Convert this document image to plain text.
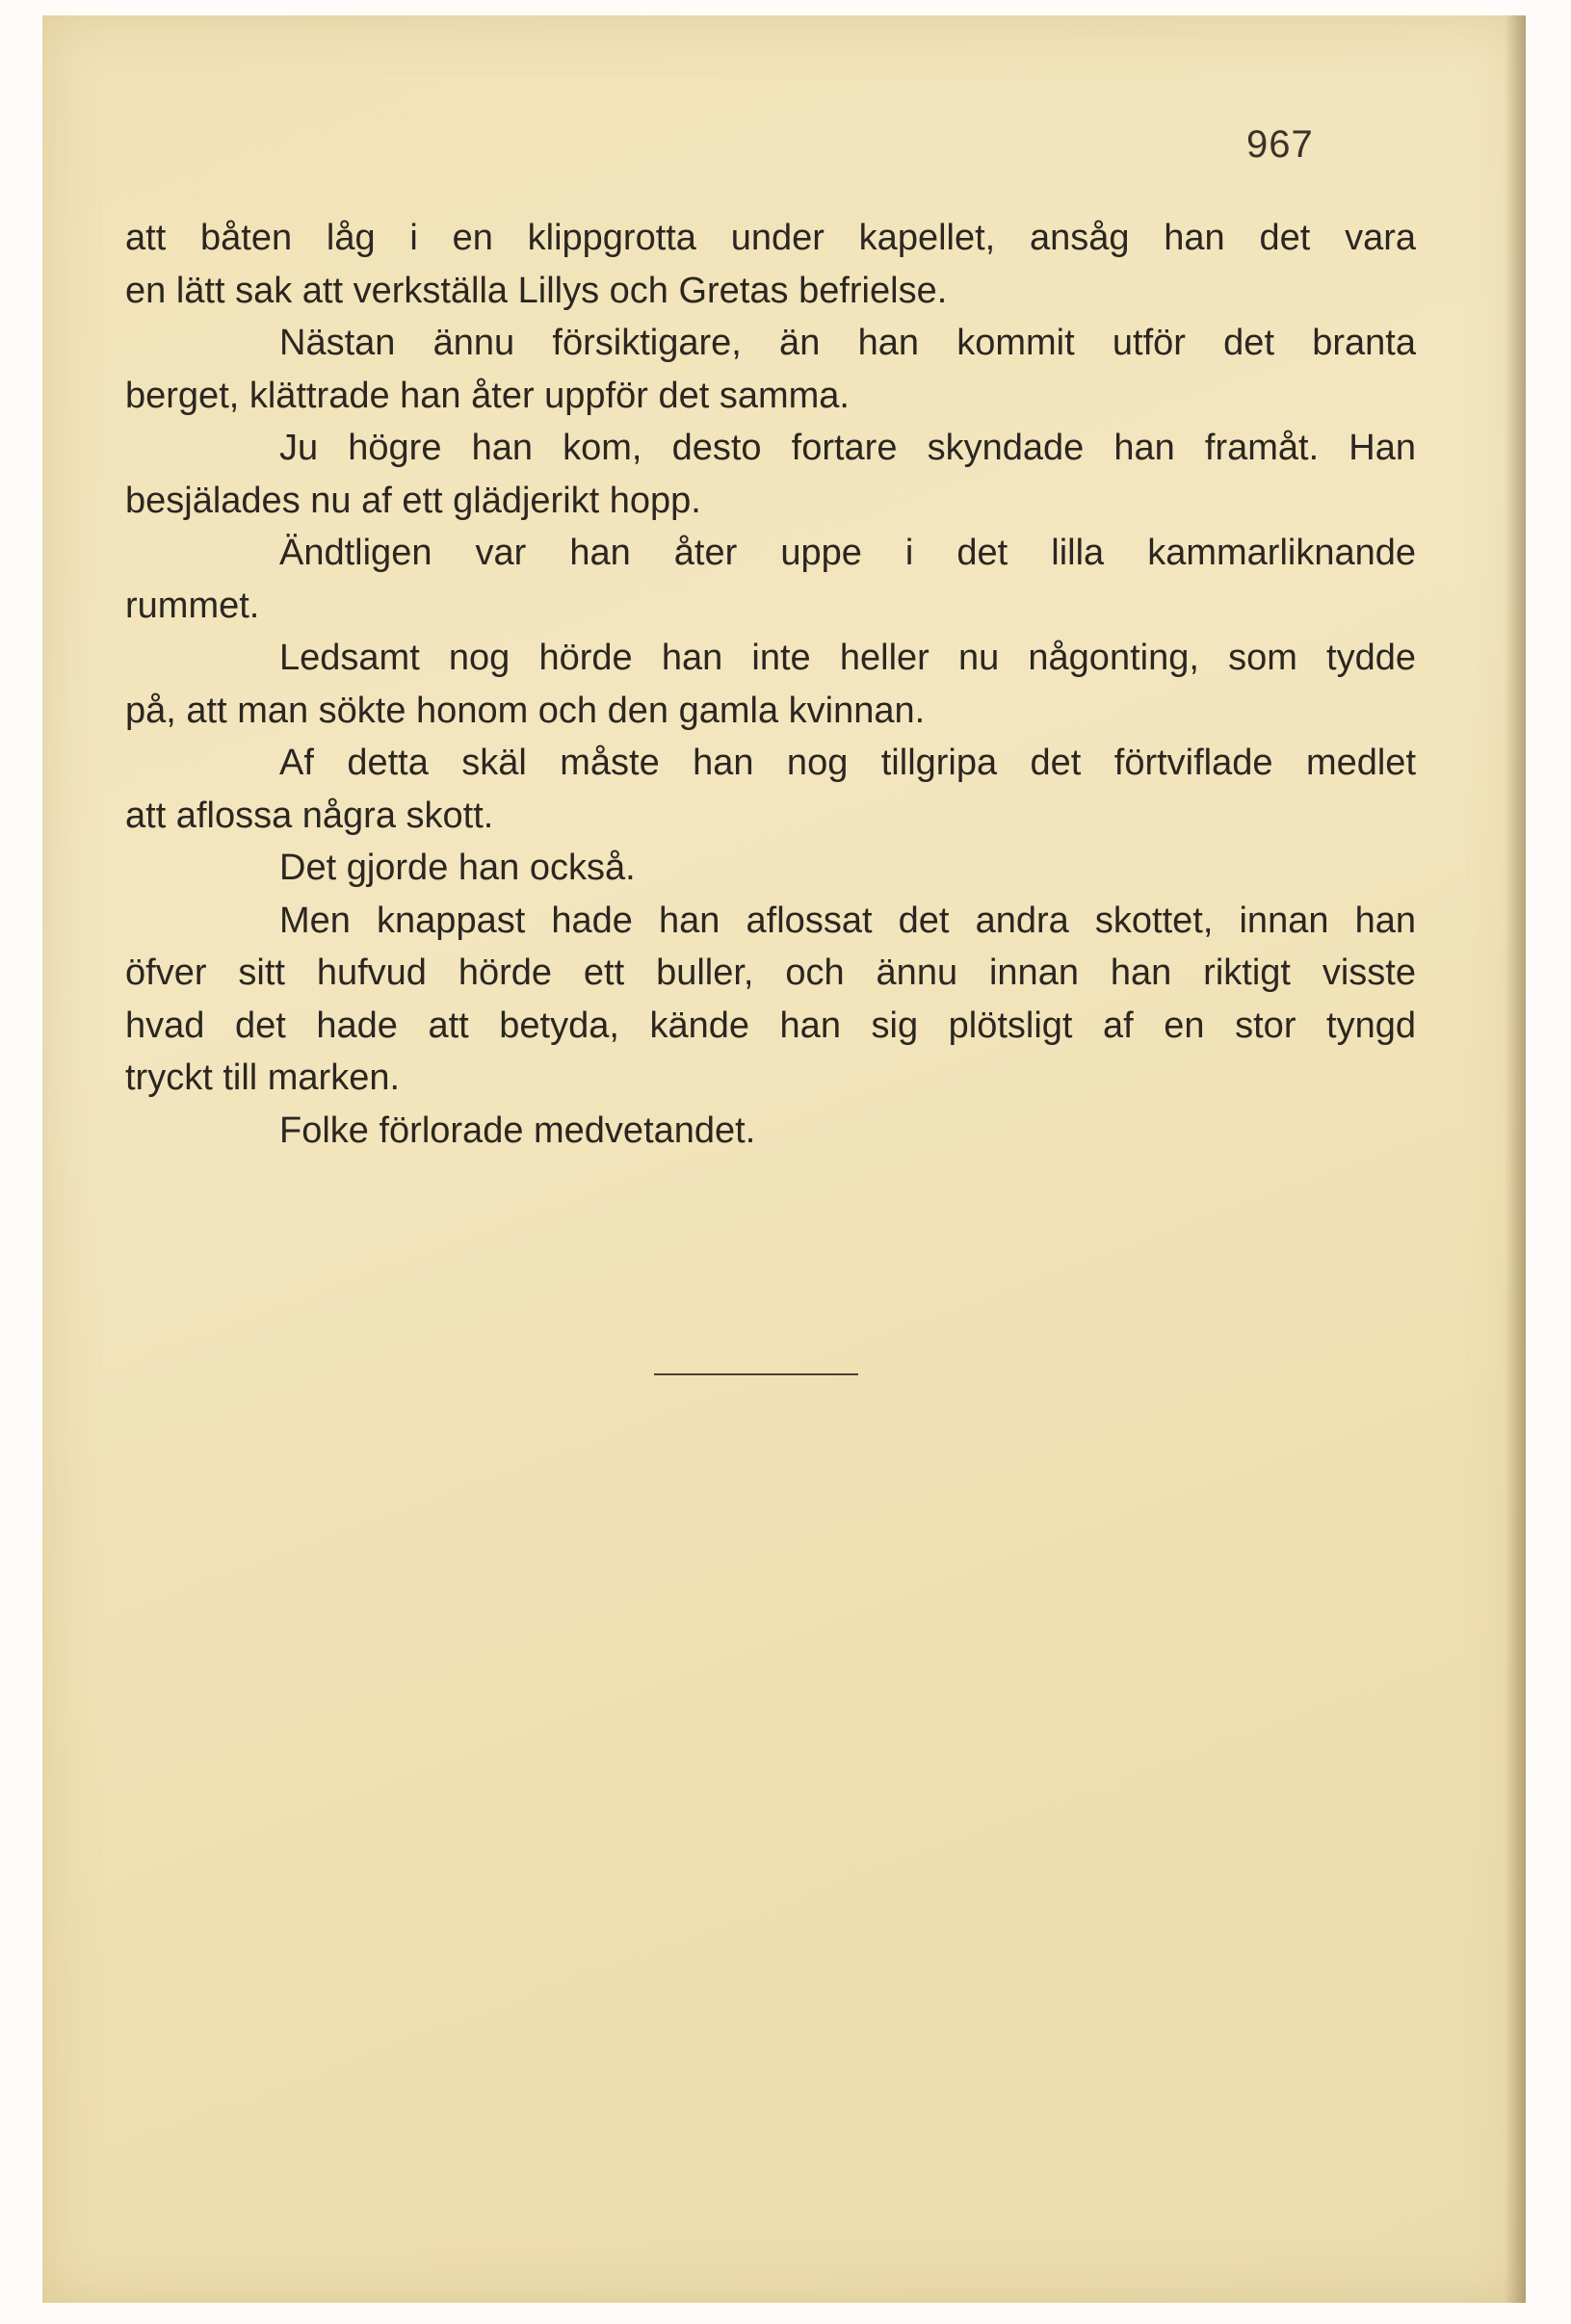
967
att båten låg i en klippgrotta under kapellet, ansåg han det vara
en lätt sak att verkställa Lillys och Gretas befrielse.
Nästan ännu försiktigare, än han kommit utför det branta
berget, klättrade han åter uppför det samma.
Ju högre han kom, desto fortare skyndade han framåt. Han
besjälades nu af ett glädjerikt hopp.
Ändtligen var han åter uppe i det lilla kammarliknande
rummet.
Ledsamt nog hörde han inte heller nu någonting, som tydde
på, att man sökte honom och den gamla kvinnan.
Af detta skäl måste han nog tillgripa det förtviflade medlet
att aflossa några skott.
Det gjorde han också.
Men knappast hade han aflossat det andra skottet, innan han
öfver sitt hufvud hörde ett buller, och ännu innan han riktigt visste
hvad det hade att betyda, kände han sig plötsligt af en stor tyngd
tryckt till marken.
Folke förlorade medvetandet.
